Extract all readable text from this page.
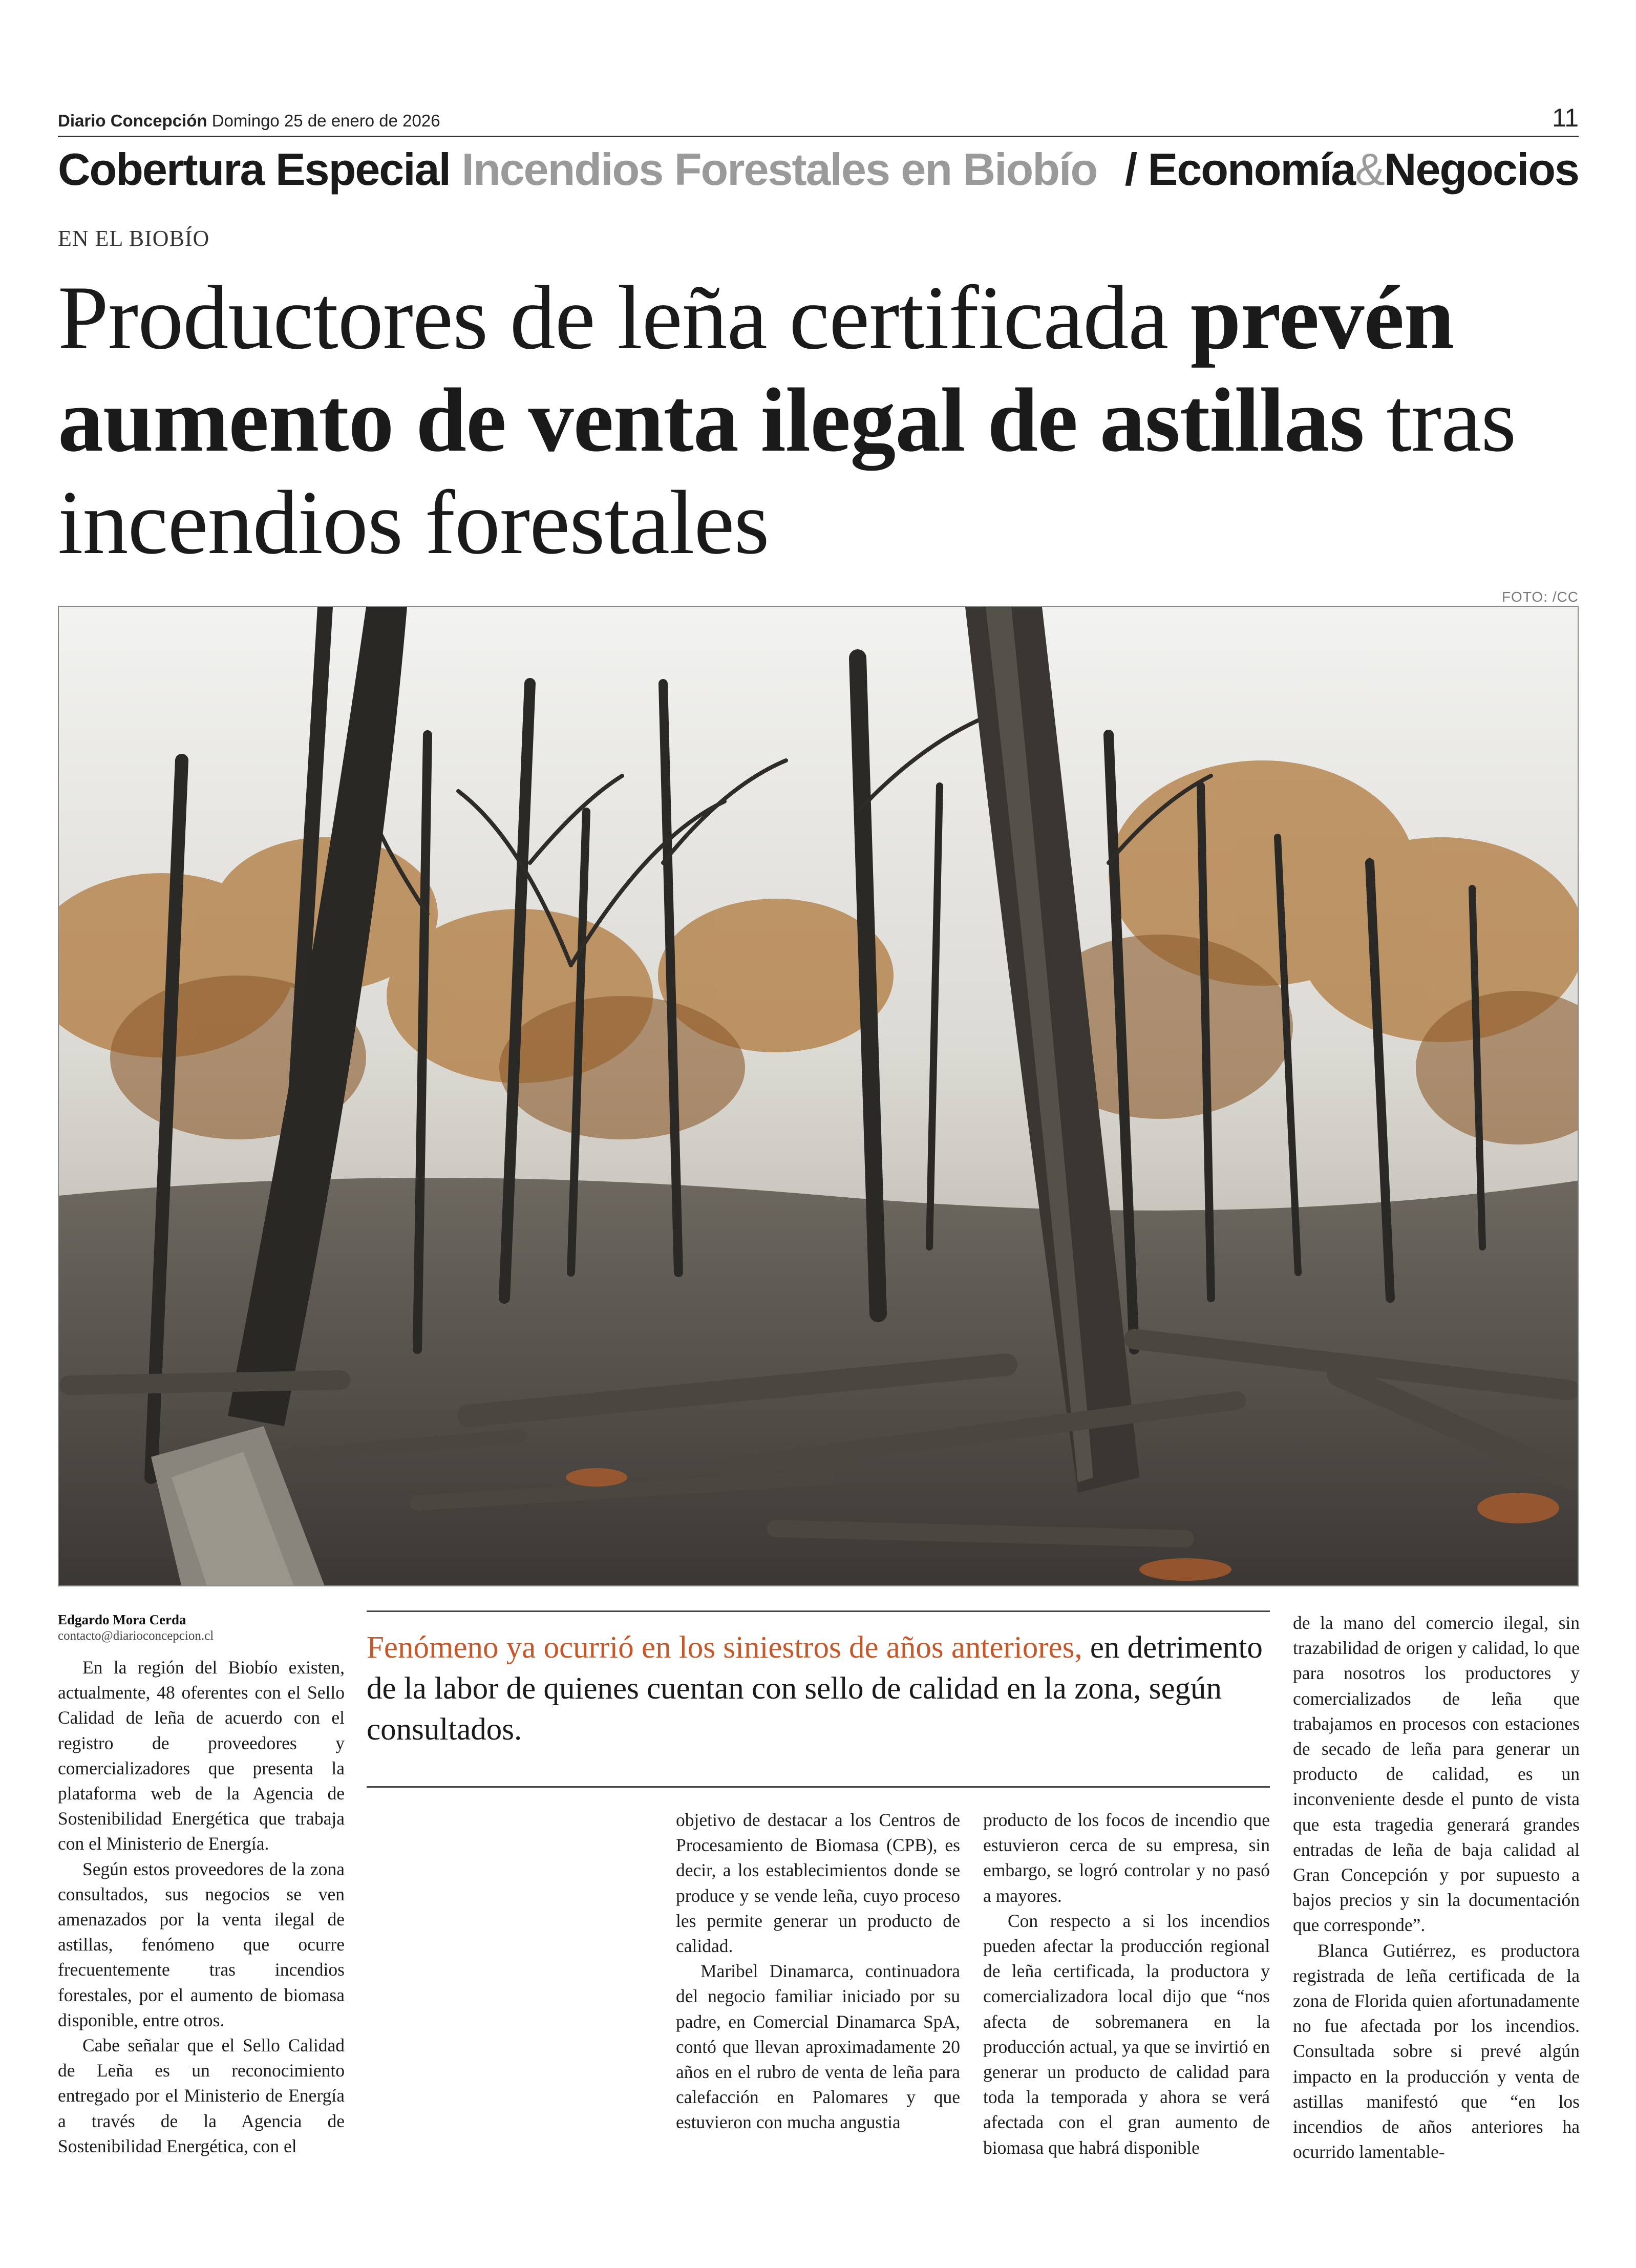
Diario Concepción Domingo 25 de enero de 2026	11
Cobertura Especial Incendios Forestales en Biobío / Economía&Negocios
EN EL BIOBÍO
Productores de leña certificada prevén aumento de venta ilegal de astillas tras incendios forestales
FOTO: /CC
Edgardo Mora Cerda
contacto@diarioconcepcion.cl	Fenómeno ya ocurrió en los siniestros de años anteriores, en detrimento de la labor de quienes cuentan con sello de calidad en la zona, según consultados.

En la región del Biobío existen, actualmente, 48 oferentes con el Sello Calidad de leña de acuerdo con el registro de proveedores y comercializadores que presenta la plataforma web de la Agencia de Sostenibilidad Energética que trabaja con el Ministerio de Energía.

Según estos proveedores de la zona consultados, sus negocios se ven amenazados por la venta ilegal de astillas, fenómeno que ocurre frecuentemente tras incendios forestales, por el aumento de biomasa disponible, entre otros.

Cabe señalar que el Sello Calidad de Leña es un reconocimiento entregado por el Ministerio de Energía a través de la Agencia de Sostenibilidad Energética, con el

objetivo de destacar a los Centros de Procesamiento de Biomasa (CPB), es decir, a los establecimientos donde se produce y se vende leña, cuyo proceso les permite generar un producto de calidad.

Maribel Dinamarca, continuadora del negocio familiar iniciado por su padre, en Comercial Dinamarca SpA, contó que llevan aproximadamente 20 años en el rubro de venta de leña para calefacción en Palomares y que estuvieron con mucha angustia

producto de los focos de incendio que estuvieron cerca de su empresa, sin embargo, se logró controlar y no pasó a mayores.

Con respecto a si los incendios pueden afectar la producción regional de leña certificada, la productora y comercializadora local dijo que “nos afecta de sobremanera en la producción actual, ya que se invirtió en generar un producto de calidad para toda la temporada y ahora se verá afectada con el gran aumento de biomasa que habrá disponible

de la mano del comercio ilegal, sin trazabilidad de origen y calidad, lo que para nosotros los productores y comercializados de leña que trabajamos en procesos con estaciones de secado de leña para generar un producto de calidad, es un inconveniente desde el punto de vista que esta tragedia generará grandes entradas de leña de baja calidad al Gran Concepción y por supuesto a bajos precios y sin la documentación que corresponde”.

Blanca Gutiérrez, es productora registrada de leña certificada de la zona de Florida quien afortunadamente no fue afectada por los incendios. Consultada sobre si prevé algún impacto en la producción y venta de astillas manifestó que “en los incendios de años anteriores ha ocurrido lamentable-
